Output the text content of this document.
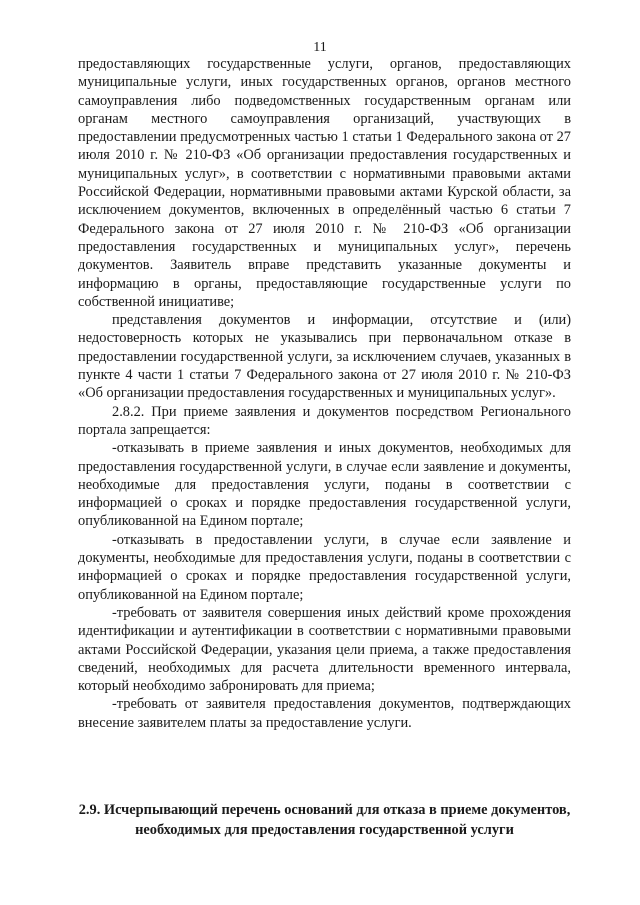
11

предоставляющих государственные услуги, органов, предоставляющих муниципальные услуги, иных государственных органов, органов местного самоуправления либо подведомственных государственным органам или органам местного самоуправления организаций, участвующих в предоставлении предусмотренных частью 1 статьи 1 Федерального закона от 27 июля 2010 г. № 210-ФЗ «Об организации предоставления государственных и муниципальных услуг», в соответствии с нормативными правовыми актами Российской Федерации, нормативными правовыми актами Курской области, за исключением документов, включенных в определённый частью 6 статьи 7 Федерального закона от 27 июля 2010 г. № 210-ФЗ «Об организации предоставления государственных и муниципальных услуг», перечень документов. Заявитель вправе представить указанные документы и информацию в органы, предоставляющие государственные услуги по собственной инициативе;

представления документов и информации, отсутствие и (или) недостоверность которых не указывались при первоначальном отказе в предоставлении государственной услуги, за исключением случаев, указанных в пункте 4 части 1 статьи 7 Федерального закона от 27 июля 2010 г. № 210-ФЗ «Об организации предоставления государственных и муниципальных услуг».

2.8.2. При приеме заявления и документов посредством Регионального портала запрещается:

-отказывать в приеме заявления и иных документов, необходимых для предоставления государственной услуги, в случае если заявление и документы, необходимые для предоставления услуги, поданы в соответствии с информацией о сроках и порядке предоставления государственной услуги, опубликованной на Едином портале;

-отказывать в предоставлении услуги, в случае если заявление и документы, необходимые для предоставления услуги, поданы в соответствии с информацией о сроках и порядке предоставления государственной услуги, опубликованной на Едином портале;

-требовать от заявителя совершения иных действий кроме прохождения идентификации и аутентификации в соответствии с нормативными правовыми актами Российской Федерации, указания цели приема, а также предоставления сведений, необходимых для расчета длительности временного интервала, который необходимо забронировать для приема;

-требовать от заявителя предоставления документов, подтверждающих внесение заявителем платы за предоставление услуги.

2.9. Исчерпывающий перечень оснований для отказа в приеме документов, необходимых для предоставления государственной услуги
